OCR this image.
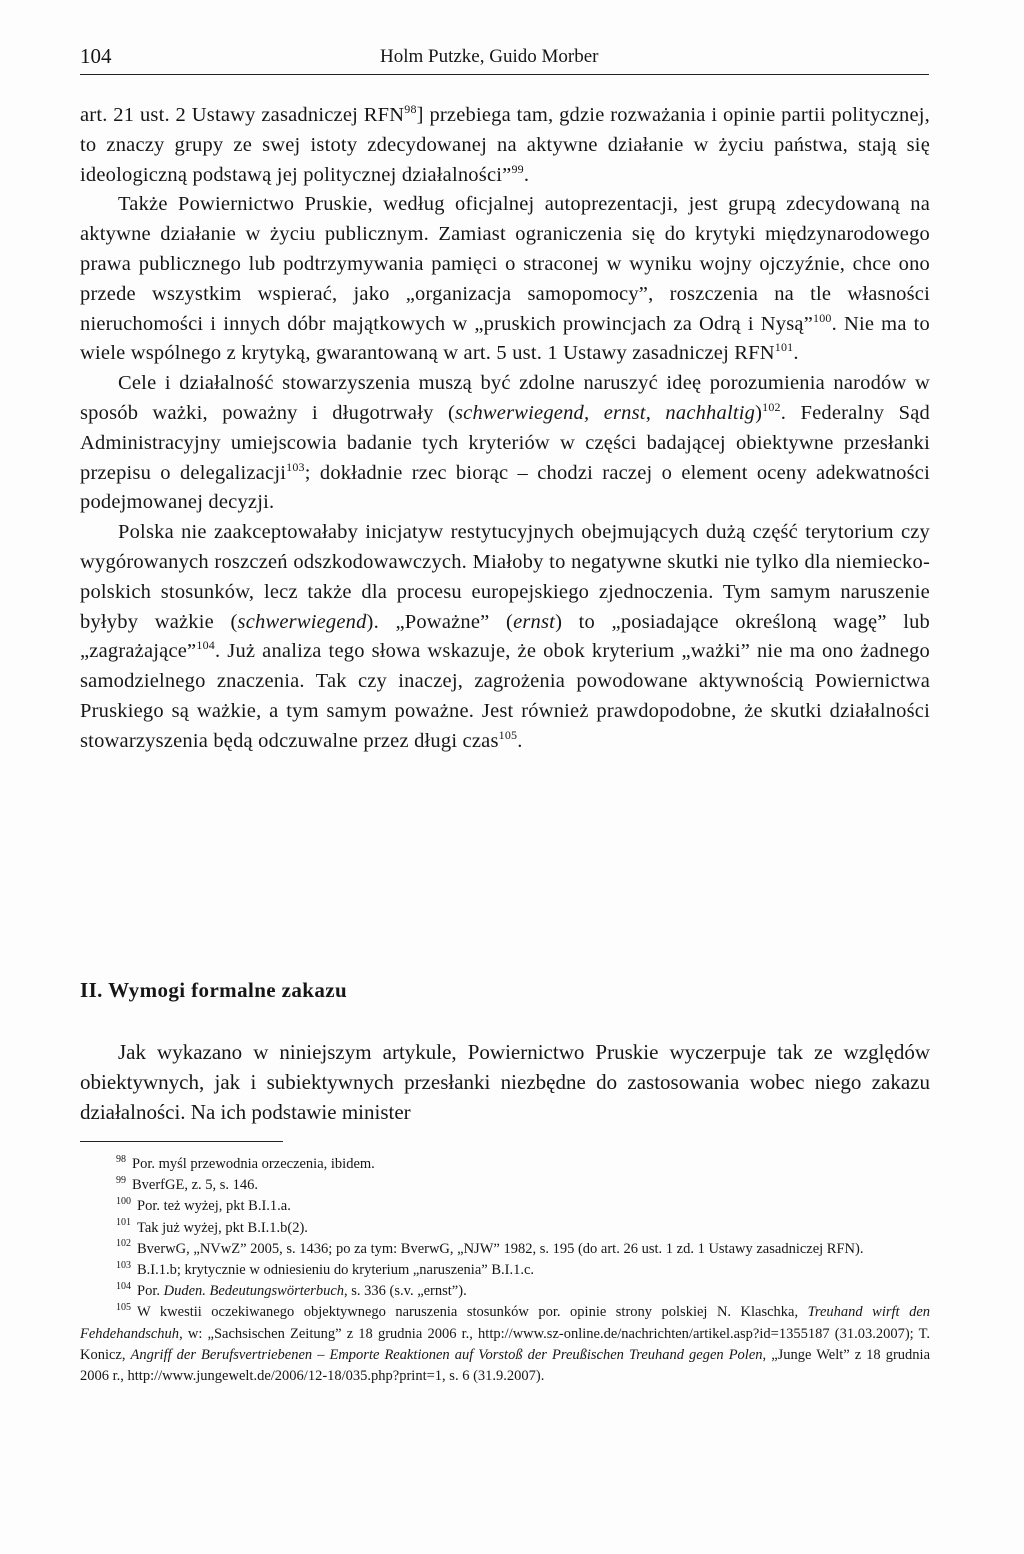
104	Holm Putzke, Guido Morber

art. 21 ust. 2 Ustawy zasadniczej RFN$^{98}$] przebiega tam, gdzie rozważania i opinie partii politycznej, to znaczy grupy ze swej istoty zdecydowanej na aktywne działanie w życiu państwa, stają się ideologiczną podstawą jej politycznej działalności”$^{99}$.

Także Powiernictwo Pruskie, według oficjalnej autoprezentacji, jest grupą zdecydowaną na aktywne działanie w życiu publicznym. Zamiast ograniczenia się do krytyki międzynarodowego prawa publicznego lub podtrzymywania pamięci o straconej w wyniku wojny ojczyźnie, chce ono przede wszystkim wspierać, jako „organizacja samopomocy”, roszczenia na tle własności nieruchomości i innych dóbr majątkowych w „pruskich prowincjach za Odrą i Nysą”$^{100}$. Nie ma to wiele wspólnego z krytyką, gwarantowaną w art. 5 ust. 1 Ustawy zasadniczej RFN$^{101}$.

Cele i działalność stowarzyszenia muszą być zdolne naruszyć ideę porozumienia narodów w sposób ważki, poważny i długotrwały (schwerwiegend, ernst, nachhaltig)$^{102}$. Federalny Sąd Administracyjny umiejscowia badanie tych kryteriów w części badającej obiektywne przesłanki przepisu o delegalizacji$^{103}$; dokładnie rzec biorąc – chodzi raczej o element oceny adekwatności podejmowanej decyzji.

Polska nie zaakceptowałaby inicjatyw restytucyjnych obejmujących dużą część terytorium czy wygórowanych roszczeń odszkodowawczych. Miałoby to negatywne skutki nie tylko dla niemiecko-polskich stosunków, lecz także dla procesu europejskiego zjednoczenia. Tym samym naruszenie byłyby ważkie (schwerwiegend). „Poważne” (ernst) to „posiadające określoną wagę” lub „zagrażające”$^{104}$. Już analiza tego słowa wskazuje, że obok kryterium „ważki” nie ma ono żadnego samodzielnego znaczenia. Tak czy inaczej, zagrożenia powodowane aktywnością Powiernictwa Pruskiego są ważkie, a tym samym poważne. Jest również prawdopodobne, że skutki działalności stowarzyszenia będą odczuwalne przez długi czas$^{105}$.

II. Wymogi formalne zakazu

Jak wykazano w niniejszym artykule, Powiernictwo Pruskie wyczerpuje tak ze względów obiektywnych, jak i subiektywnych przesłanki niezbędne do zastosowania wobec niego zakazu działalności. Na ich podstawie minister

$^{98}$ Por. myśl przewodnia orzeczenia, ibidem.

$^{99}$ BverfGE, z. 5, s. 146.

$^{100}$ Por. też wyżej, pkt B.I.1.a.

$^{101}$ Tak już wyżej, pkt B.I.1.b(2).

$^{102}$ BverwG, „NVwZ” 2005, s. 1436; po za tym: BverwG, „NJW” 1982, s. 195 (do art. 26 ust. 1 zd. 1 Ustawy zasadniczej RFN).

$^{103}$ B.I.1.b; krytycznie w odniesieniu do kryterium „naruszenia” B.I.1.c.

$^{104}$ Por. Duden. Bedeutungswörterbuch, s. 336 (s.v. „ernst”).

$^{105}$ W kwestii oczekiwanego objektywnego naruszenia stosunków por. opinie strony polskiej N. Klaschka, Treuhand wirft den Fehdehandschuh, w: „Sachsischen Zeitung” z 18 grudnia 2006 r., http://www.sz-online.de/nachrichten/artikel.asp?id=1355187 (31.03.2007); T. Konicz, Angriff der Berufsvertriebenen – Emporte Reaktionen auf Vorstoß der Preußischen Treuhand gegen Polen, „Junge Welt” z 18 grudnia 2006 r., http://www.jungewelt.de/2006/12-18/035.php?print=1, s. 6 (31.9.2007).
